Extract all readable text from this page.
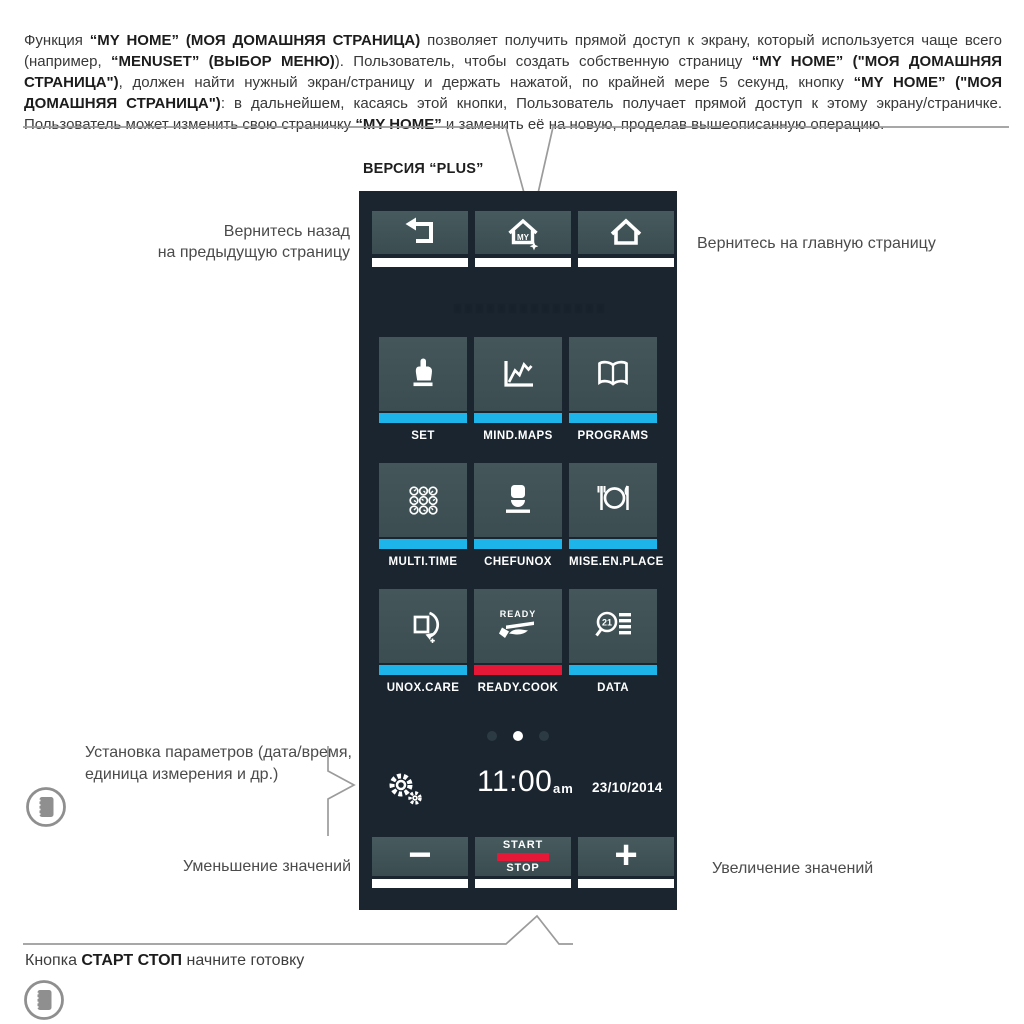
Функция “MY HOME” (МОЯ ДОМАШНЯЯ СТРАНИЦА) позволяет получить прямой доступ к экрану, который используется чаще всего (например, “MENUSET” (ВЫБОР МЕНЮ)). Пользователь, чтобы создать собственную страницу “MY HOME” ("МОЯ ДОМАШНЯЯ СТРАНИЦА"), должен найти нужный экран/страницу и держать нажатой, по крайней мере 5 секунд, кнопку “MY HOME” ("МОЯ ДОМАШНЯЯ СТРАНИЦА"): в дальнейшем, касаясь этой кнопки, Пользователь получает прямой доступ к этому экрану/страничке. Пользователь может изменить свою страничку “MY HOME” и заменить её на новую, проделав вышеописанную операцию.

ВЕРСИЯ “PLUS”
Вернитесь назад
на предыдущую страницу
Вернитесь на главную страницу
Установка параметров (дата/время,
единица измерения и др.)
Уменьшение значений	Увеличение значений
Кнопка СТАРТ СТОП начните готовку
MY
SET	MIND.MAPS	PROGRAMS
MULTI.TIME	CHEFUNOX	MISE.EN.PLACE
UNOX.CARE
READY
READY.COOK
21
DATA
11:00 am 23/10/2014
−	START
STOP +
